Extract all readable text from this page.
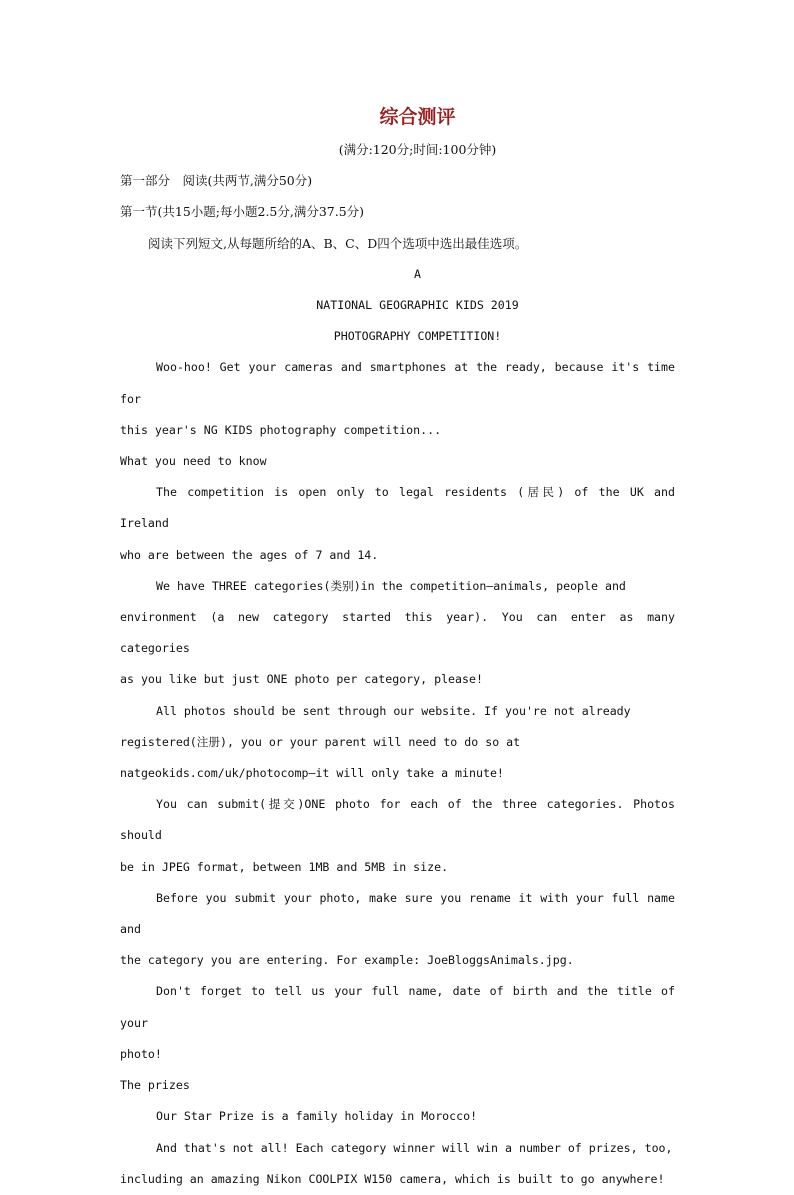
综合测评
(满分:120分;时间:100分钟)
第一部分　阅读(共两节,满分50分)
第一节(共15小题;每小题2.5分,满分37.5分)
阅读下列短文,从每题所给的A、B、C、D四个选项中选出最佳选项。
A
NATIONAL GEOGRAPHIC KIDS 2019
PHOTOGRAPHY COMPETITION!
Woo-hoo! Get your cameras and smartphones at the ready, because it's time for
this year's NG KIDS photography competition...
What you need to know
The competition is open only to legal residents (居民) of the UK and Ireland
who are between the ages of 7 and 14.
We have THREE categories(类别)in the competition—animals, people and
environment (a new category started this year). You can enter as many categories
as you like but just ONE photo per category, please!
All photos should be sent through our website. If you're not already
registered(注册), you or your parent will need to do so at
natgeokids.com/uk/photocomp—it will only take a minute!
You can submit(提交)ONE photo for each of the three categories. Photos should
be in JPEG format, between 1MB and 5MB in size.
Before you submit your photo, make sure you rename it with your full name and
the category you are entering. For example: JoeBloggsAnimals.jpg.
Don't forget to tell us your full name, date of birth and the title of your
photo!
The prizes
Our Star Prize is a family holiday in Morocco!
And that's not all! Each category winner will win a number of prizes, too,
including an amazing Nikon COOLPIX W150 camera, which is built to go anywhere!
